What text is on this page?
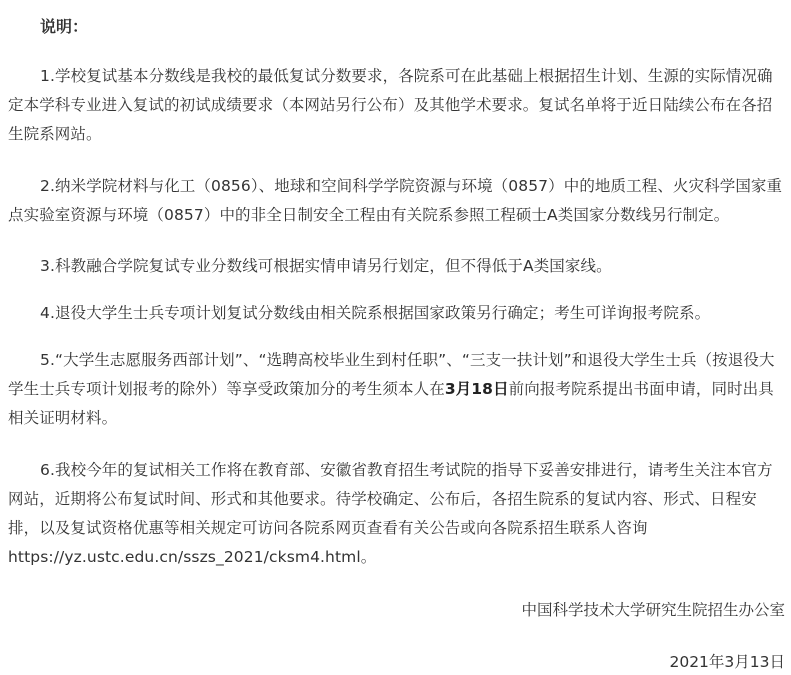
说明：

1.学校复试基本分数线是我校的最低复试分数要求，各院系可在此基础上根据招生计划、生源的实际情况确定本学科专业进入复试的初试成绩要求（本网站另行公布）及其他学术要求。复试名单将于近日陆续公布在各招生院系网站。

2.纳米学院材料与化工（0856）、地球和空间科学学院资源与环境（0857）中的地质工程、火灾科学国家重点实验室资源与环境（0857）中的非全日制安全工程由有关院系参照工程硕士A类国家分数线另行制定。

3.科教融合学院复试专业分数线可根据实情申请另行划定，但不得低于A类国家线。

4.退役大学生士兵专项计划复试分数线由相关院系根据国家政策另行确定；考生可详询报考院系。

5.“大学生志愿服务西部计划”、“选聘高校毕业生到村任职”、“三支一扶计划”和退役大学生士兵（按退役大学生士兵专项计划报考的除外）等享受政策加分的考生须本人在3月18日前向报考院系提出书面申请，同时出具相关证明材料。

6.我校今年的复试相关工作将在教育部、安徽省教育招生考试院的指导下妥善安排进行，请考生关注本官方网站，近期将公布复试时间、形式和其他要求。待学校确定、公布后，各招生院系的复试内容、形式、日程安排，以及复试资格优惠等相关规定可访问各院系网页查看有关公告或向各院系招生联系人咨询https://yz.ustc.edu.cn/sszs_2021/cksm4.html。

中国科学技术大学研究生院招生办公室

2021年3月13日
